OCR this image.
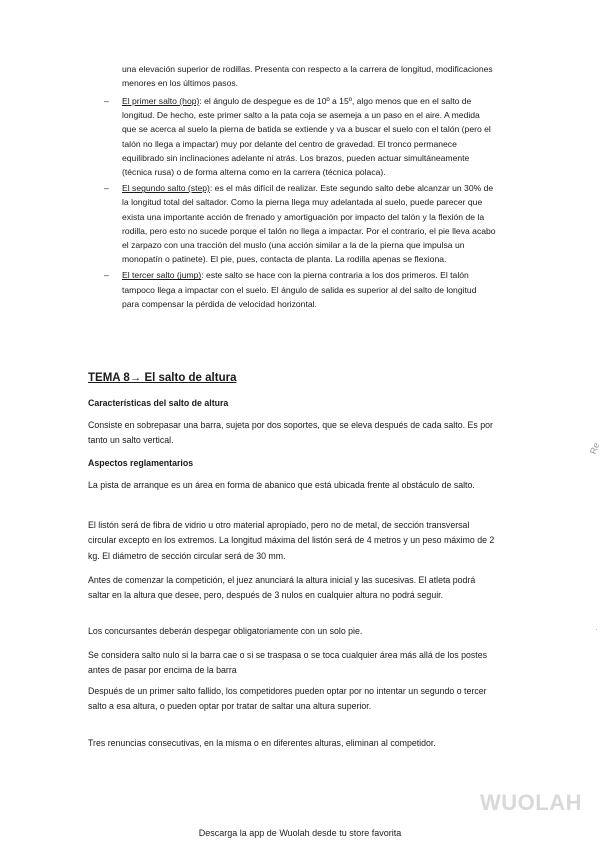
una elevación superior de rodillas. Presenta con respecto a la carrera de longitud, modificaciones menores en los últimos pasos.

– El primer salto (hop): el ángulo de despegue es de 10º a 15º, algo menos que en el salto de longitud. De hecho, este primer salto a la pata coja se asemeja a un paso en el aire. A medida que se acerca al suelo la pierna de batida se extiende y va a buscar el suelo con el talón (pero el talón no llega a impactar) muy por delante del centro de gravedad. El tronco permanece equilibrado sin inclinaciones adelante ni atrás. Los brazos, pueden actuar simultáneamente (técnica rusa) o de forma alterna como en la carrera (técnica polaca).
– El segundo salto (step): es el más difícil de realizar. Este segundo salto debe alcanzar un 30% de la longitud total del saltador. Como la pierna llega muy adelantada al suelo, puede parecer que exista una importante acción de frenado y amortiguación por impacto del talón y la flexión de la rodilla, pero esto no sucede porque el talón no llega a impactar. Por el contrario, el pie lleva acabo el zarpazo con una tracción del muslo (una acción similar a la de la pierna que impulsa un monopatín o patinete). El pie, pues, contacta de planta. La rodilla apenas se flexiona.
– El tercer salto (jump): este salto se hace con la pierna contraria a los dos primeros. El talón tampoco llega a impactar con el suelo. El ángulo de salida es superior al del salto de longitud para compensar la pérdida de velocidad horizontal.
TEMA 8→ El salto de altura
Características del salto de altura

Consiste en sobrepasar una barra, sujeta por dos soportes, que se eleva después de cada salto. Es por tanto un salto vertical.

Aspectos reglamentarios

La pista de arranque es un área en forma de abanico que está ubicada frente al obstáculo de salto.

El listón será de fibra de vidrio u otro material apropiado, pero no de metal, de sección transversal circular excepto en los extremos. La longitud máxima del listón será de 4 metros y un peso máximo de 2 kg. El diámetro de sección circular será de 30 mm.

Antes de comenzar la competición, el juez anunciará la altura inicial y las sucesivas. El atleta podrá saltar en la altura que desee, pero, después de 3 nulos en cualquier altura no podrá seguir.

Los concursantes deberán despegar obligatoriamente con un solo pie.

Se considera salto nulo si la barra cae o si se traspasa o se toca cualquier área más allá de los postes antes de pasar por encima de la barra

Después de un primer salto fallido, los competidores pueden optar por no intentar un segundo o tercer salto a esa altura, o pueden optar por tratar de saltar una altura superior.

Tres renuncias consecutivas, en la misma o en diferentes alturas, eliminan al competidor.

Re
·
WUOLAH
Descarga la app de Wuolah desde tu store favorita
